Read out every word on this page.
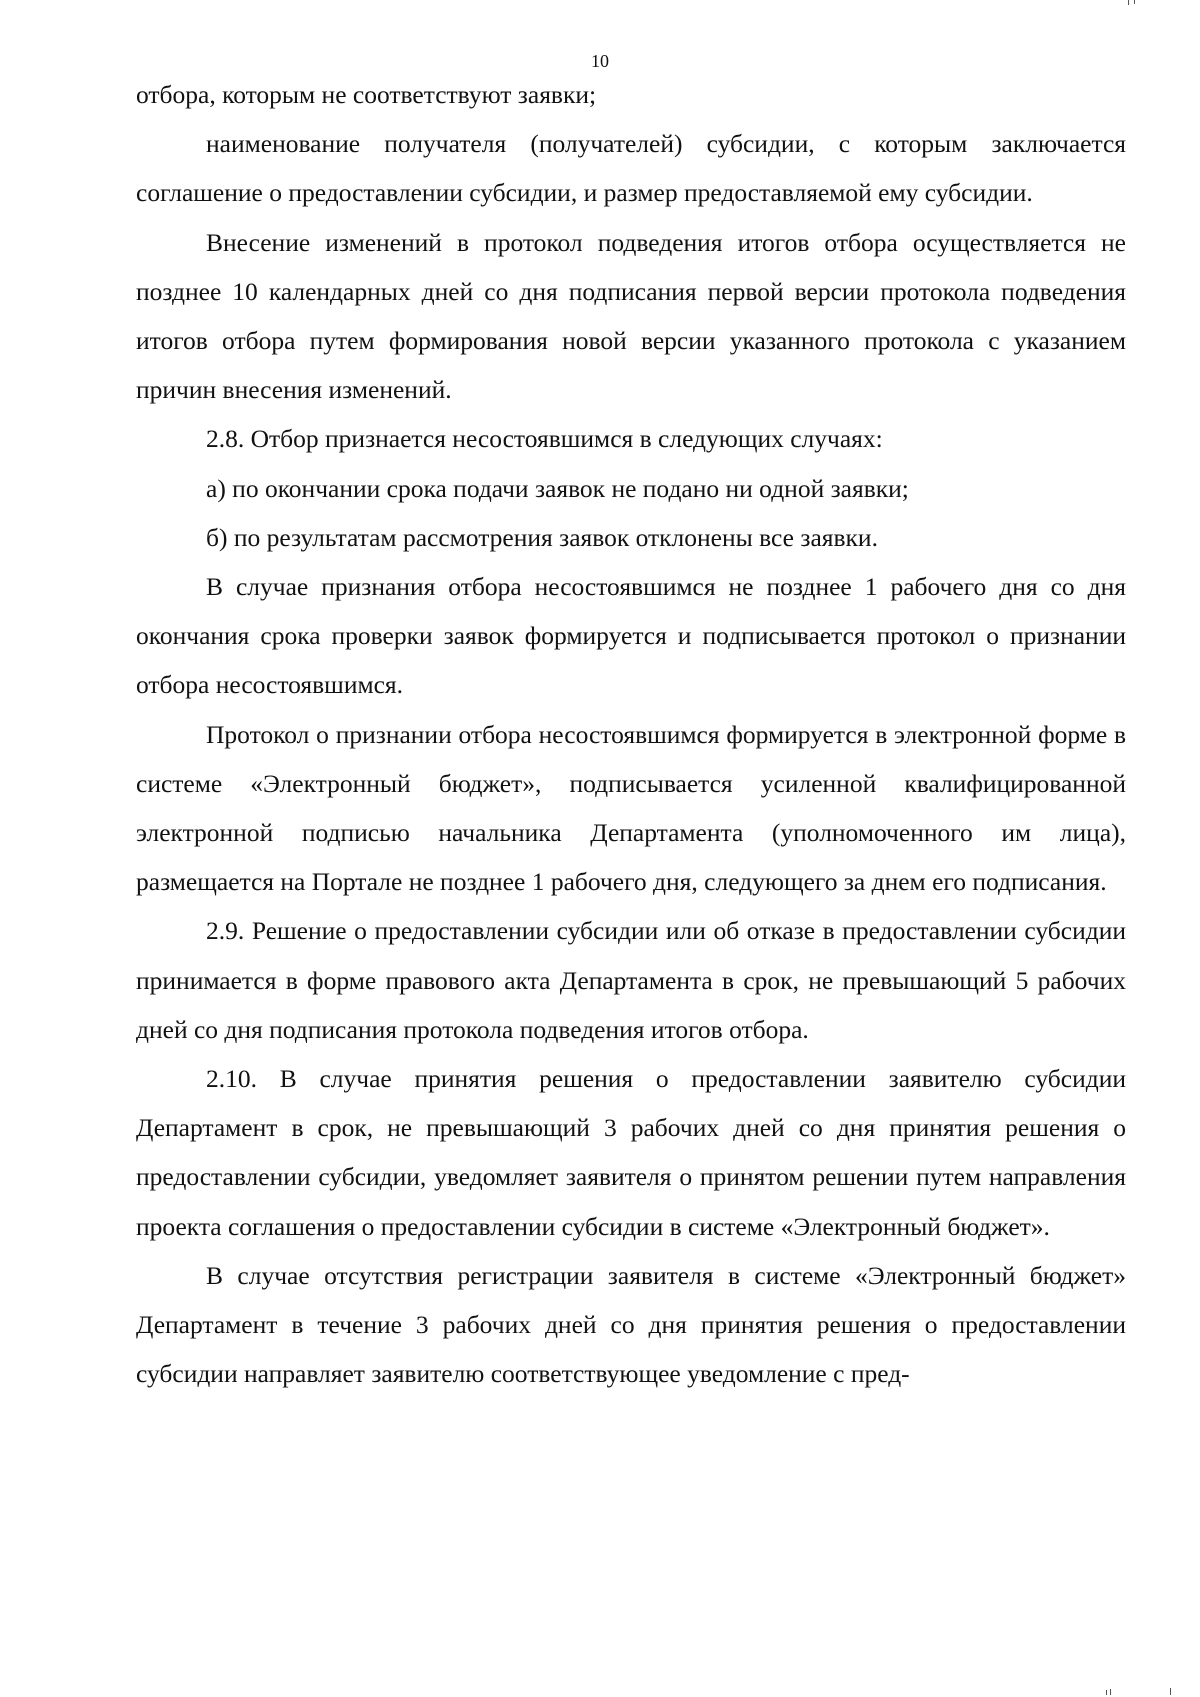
10

отбора, которым не соответствуют заявки;

наименование получателя (получателей) субсидии, с которым заключается соглашение о предоставлении субсидии, и размер предоставляемой ему субсидии.

Внесение изменений в протокол подведения итогов отбора осуществляется не позднее 10 календарных дней со дня подписания первой версии протокола подведения итогов отбора путем формирования новой версии указанного протокола с указанием причин внесения изменений.

2.8. Отбор признается несостоявшимся в следующих случаях:

а) по окончании срока подачи заявок не подано ни одной заявки;

б) по результатам рассмотрения заявок отклонены все заявки.

В случае признания отбора несостоявшимся не позднее 1 рабочего дня со дня окончания срока проверки заявок формируется и подписывается протокол о признании отбора несостоявшимся.

Протокол о признании отбора несостоявшимся формируется в электронной форме в системе «Электронный бюджет», подписывается усиленной квалифицированной электронной подписью начальника Департамента (уполномоченного им лица), размещается на Портале не позднее 1 рабочего дня, следующего за днем его подписания.

2.9. Решение о предоставлении субсидии или об отказе в предоставлении субсидии принимается в форме правового акта Департамента в срок, не превышающий 5 рабочих дней со дня подписания протокола подведения итогов отбора.

2.10. В случае принятия решения о предоставлении заявителю субсидии Департамент в срок, не превышающий 3 рабочих дней со дня принятия решения о предоставлении субсидии, уведомляет заявителя о принятом решении путем направления проекта соглашения о предоставлении субсидии в системе «Электронный бюджет».

В случае отсутствия регистрации заявителя в системе «Электронный бюджет» Департамент в течение 3 рабочих дней со дня принятия решения о предоставлении субсидии направляет заявителю соответствующее уведомление с пред-
